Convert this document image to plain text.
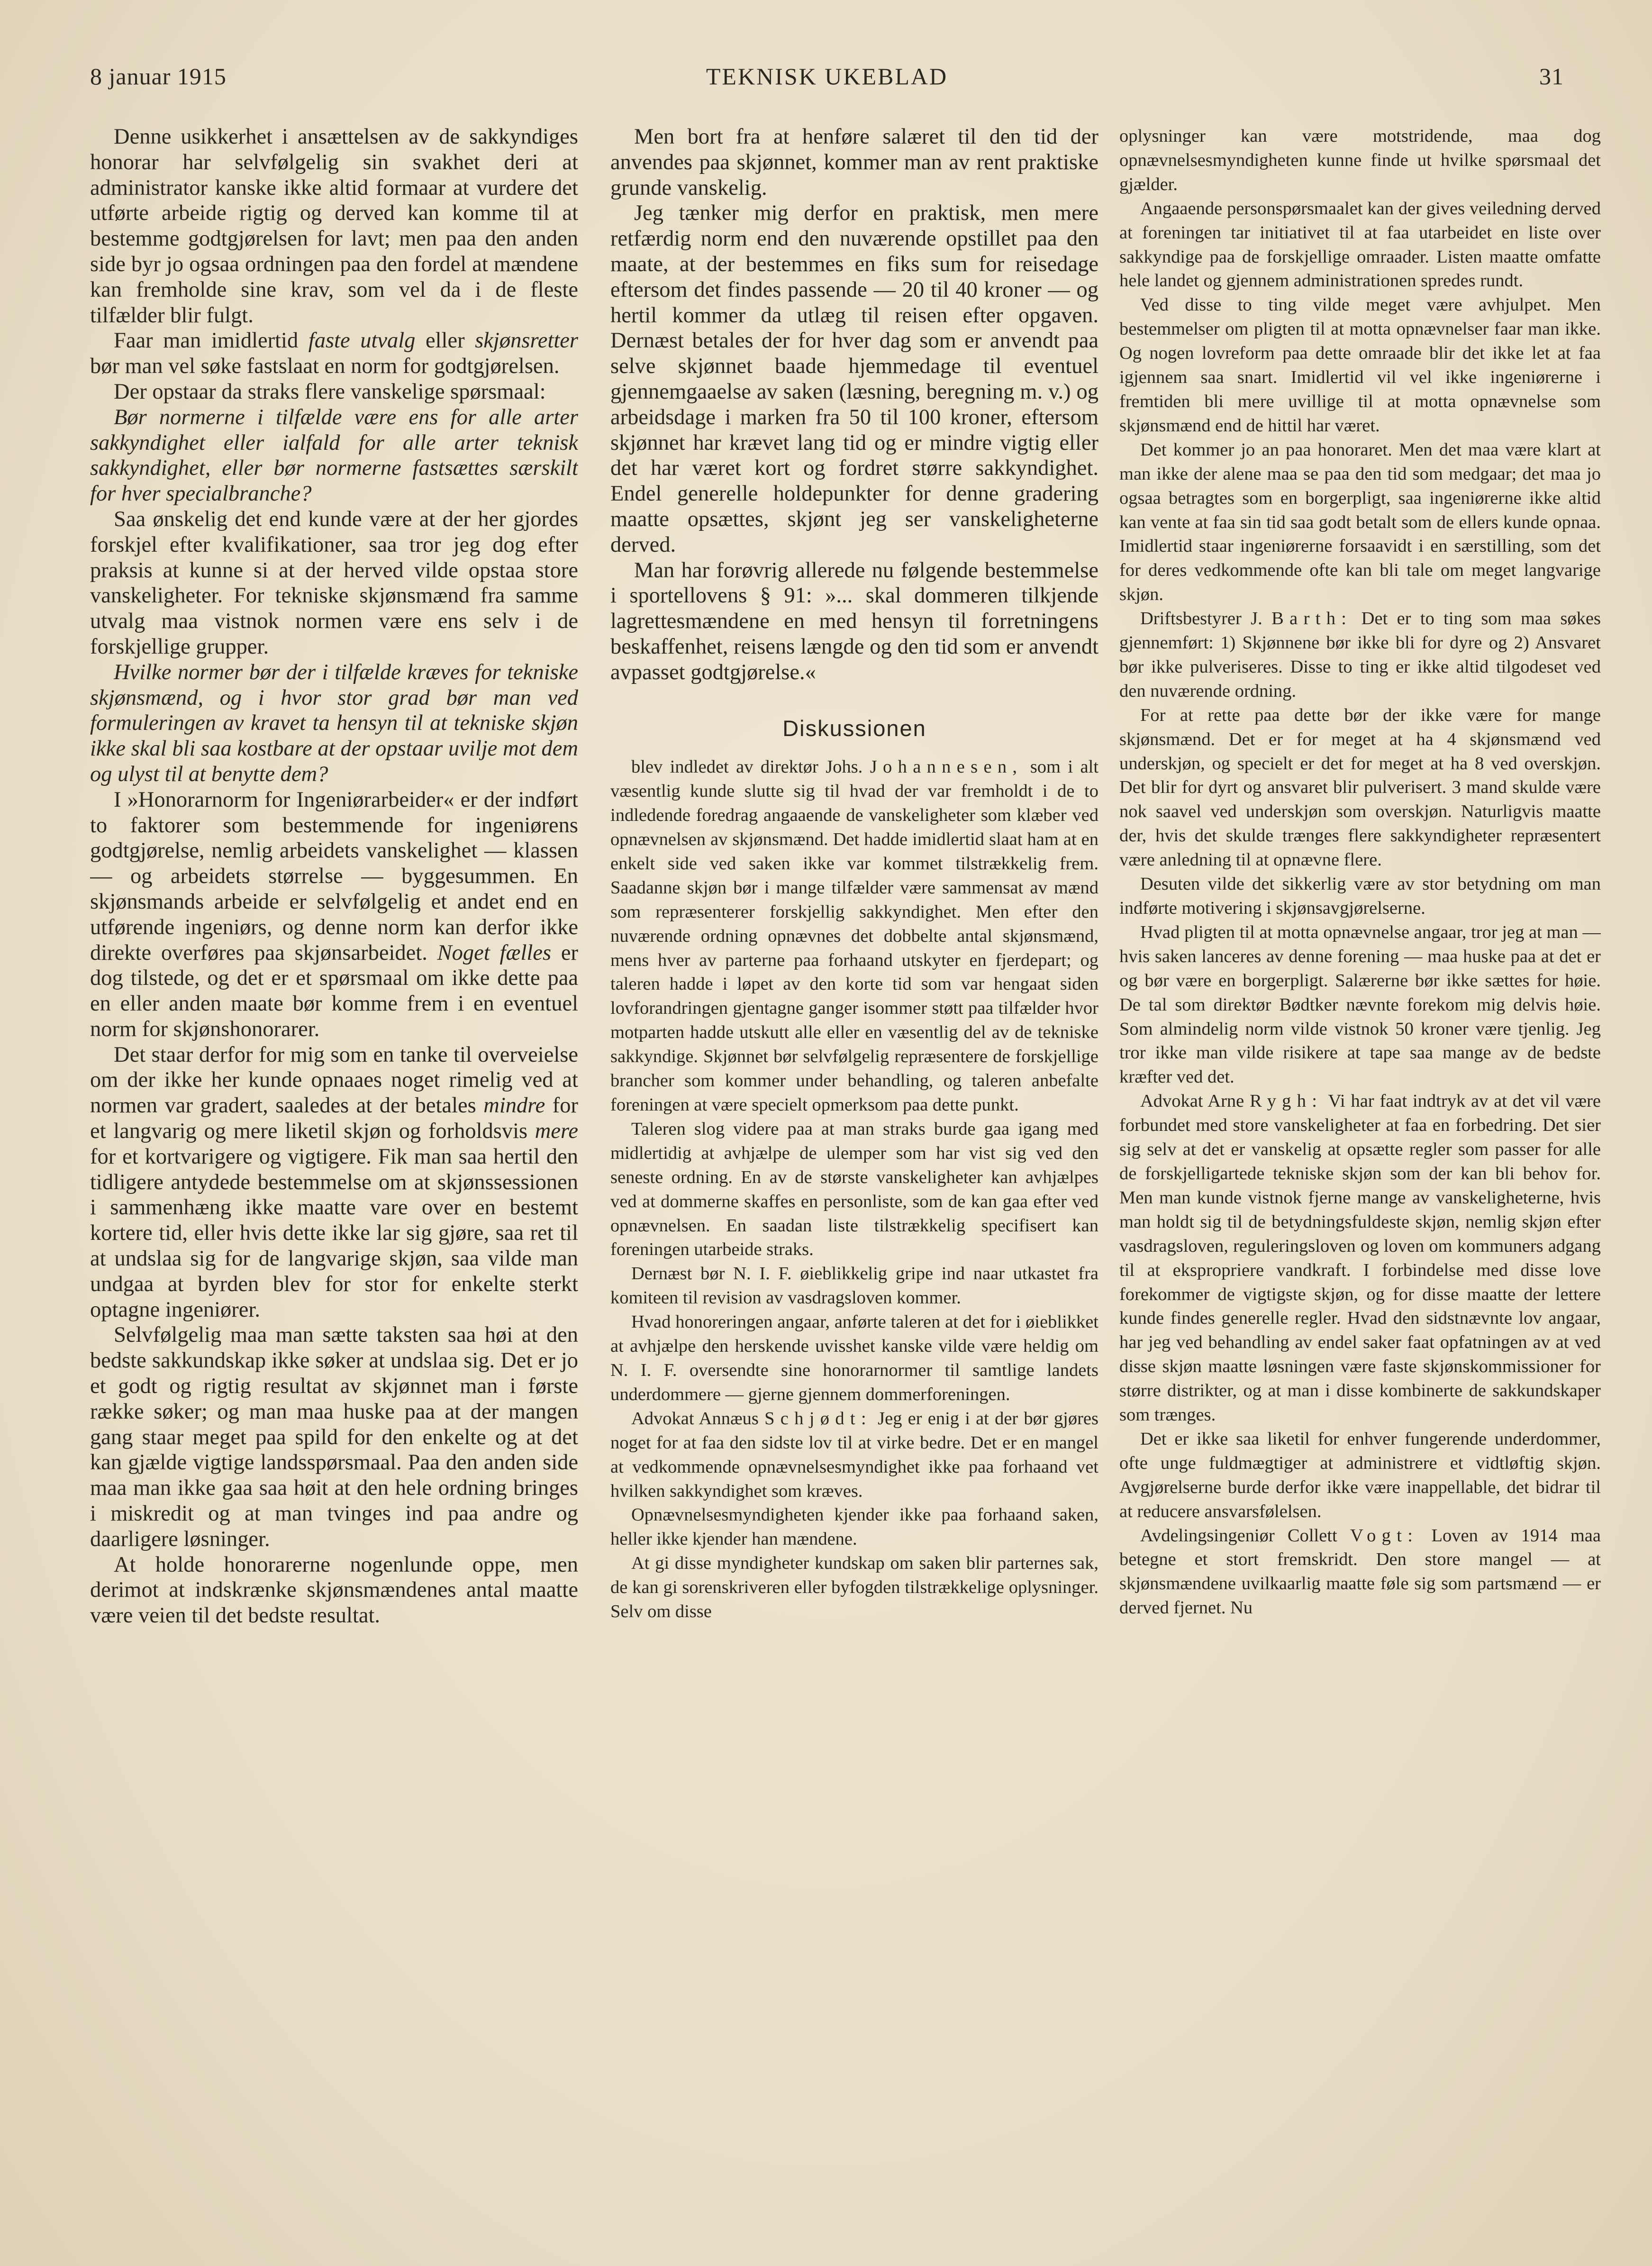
8 januar 1915	TEKNISK UKEBLAD	31

Denne usikkerhet i ansættelsen av de sakkyndiges honorar har selvfølgelig sin svakhet deri at administrator kanske ikke altid formaar at vurdere det utførte arbeide rigtig og derved kan komme til at bestemme godtgjørelsen for lavt; men paa den anden side byr jo ogsaa ordningen paa den fordel at mændene kan fremholde sine krav, som vel da i de fleste tilfælder blir fulgt.

Faar man imidlertid faste utvalg eller skjønsretter bør man vel søke fastslaat en norm for godtgjørelsen.

Der opstaar da straks flere vanskelige spørsmaal:

Bør normerne i tilfælde være ens for alle arter sakkyndighet eller ialfald for alle arter teknisk sakkyndighet, eller bør normerne fastsættes særskilt for hver specialbranche?

Saa ønskelig det end kunde være at der her gjordes forskjel efter kvalifikationer, saa tror jeg dog efter praksis at kunne si at der herved vilde opstaa store vanskeligheter. For tekniske skjønsmænd fra samme utvalg maa vistnok normen være ens selv i de forskjellige grupper.

Hvilke normer bør der i tilfælde kræves for tekniske skjønsmænd, og i hvor stor grad bør man ved formuleringen av kravet ta hensyn til at tekniske skjøn ikke skal bli saa kostbare at der opstaar uvilje mot dem og ulyst til at benytte dem?

I »Honorarnorm for Ingeniørarbeider« er der indført to faktorer som bestemmende for ingeniørens godtgjørelse, nemlig arbeidets vanskelighet — klassen — og arbeidets størrelse — byggesummen. En skjønsmands arbeide er selvfølgelig et andet end en utførende ingeniørs, og denne norm kan derfor ikke direkte overføres paa skjønsarbeidet. Noget fælles er dog tilstede, og det er et spørsmaal om ikke dette paa en eller anden maate bør komme frem i en eventuel norm for skjønshonorarer.

Det staar derfor for mig som en tanke til overveielse om der ikke her kunde opnaaes noget rimelig ved at normen var gradert, saaledes at der betales mindre for et langvarig og mere liketil skjøn og forholdsvis mere for et kortvarigere og vigtigere. Fik man saa hertil den tidligere antydede bestemmelse om at skjønssessionen i sammenhæng ikke maatte vare over en bestemt kortere tid, eller hvis dette ikke lar sig gjøre, saa ret til at undslaa sig for de langvarige skjøn, saa vilde man undgaa at byrden blev for stor for enkelte sterkt optagne ingeniører.

Selvfølgelig maa man sætte taksten saa høi at den bedste sakkundskap ikke søker at undslaa sig. Det er jo et godt og rigtig resultat av skjønnet man i første række søker; og man maa huske paa at der mangen gang staar meget paa spild for den enkelte og at det kan gjælde vigtige landsspørsmaal. Paa den anden side maa man ikke gaa saa høit at den hele ordning bringes i miskredit og at man tvinges ind paa andre og daarligere løsninger.

At holde honorarerne nogenlunde oppe, men derimot at indskrænke skjønsmændenes antal maatte være veien til det bedste resultat.

Men bort fra at henføre salæret til den tid der anvendes paa skjønnet, kommer man av rent praktiske grunde vanskelig.

Jeg tænker mig derfor en praktisk, men mere retfærdig norm end den nuværende opstillet paa den maate, at der bestemmes en fiks sum for reisedage eftersom det findes passende — 20 til 40 kroner — og hertil kommer da utlæg til reisen efter opgaven. Dernæst betales der for hver dag som er anvendt paa selve skjønnet baade hjemmedage til eventuel gjennemgaaelse av saken (læsning, beregning m. v.) og arbeidsdage i marken fra 50 til 100 kroner, eftersom skjønnet har krævet lang tid og er mindre vigtig eller det har været kort og fordret større sakkyndighet. Endel generelle holdepunkter for denne gradering maatte opsættes, skjønt jeg ser vanskeligheterne derved.

Man har forøvrig allerede nu følgende bestemmelse i sportellovens § 91: »... skal dommeren tilkjende lagrettesmændene en med hensyn til forretningens beskaffenhet, reisens længde og den tid som er anvendt avpasset godtgjørelse.«

Diskussionen

blev indledet av direktør Johs. Johannesen, som i alt væsentlig kunde slutte sig til hvad der var fremholdt i de to indledende foredrag angaaende de vanskeligheter som klæber ved opnævnelsen av skjønsmænd. Det hadde imidlertid slaat ham at en enkelt side ved saken ikke var kommet tilstrækkelig frem. Saadanne skjøn bør i mange tilfælder være sammensat av mænd som repræsenterer forskjellig sakkyndighet. Men efter den nuværende ordning opnævnes det dobbelte antal skjønsmænd, mens hver av parterne paa forhaand utskyter en fjerdepart; og taleren hadde i løpet av den korte tid som var hengaat siden lovforandringen gjentagne ganger isommer støtt paa tilfælder hvor motparten hadde utskutt alle eller en væsentlig del av de tekniske sakkyndige. Skjønnet bør selvfølgelig repræsentere de forskjellige brancher som kommer under behandling, og taleren anbefalte foreningen at være specielt opmerksom paa dette punkt.

Taleren slog videre paa at man straks burde gaa igang med midlertidig at avhjælpe de ulemper som har vist sig ved den seneste ordning. En av de største vanskeligheter kan avhjælpes ved at dommerne skaffes en personliste, som de kan gaa efter ved opnævnelsen. En saadan liste tilstrækkelig specifisert kan foreningen utarbeide straks.

Dernæst bør N. I. F. øieblikkelig gripe ind naar utkastet fra komiteen til revision av vasdragsloven kommer.

Hvad honoreringen angaar, anførte taleren at det for i øieblikket at avhjælpe den herskende uvisshet kanske vilde være heldig om N. I. F. oversendte sine honorarnormer til samtlige landets underdommere — gjerne gjennem dommerforeningen.

Advokat Annæus Schjødt: Jeg er enig i at der bør gjøres noget for at faa den sidste lov til at virke bedre. Det er en mangel at vedkommende opnævnelsesmyndighet ikke paa forhaand vet hvilken sakkyndighet som kræves.

Opnævnelsesmyndigheten kjender ikke paa forhaand saken, heller ikke kjender han mændene.

At gi disse myndigheter kundskap om saken blir parternes sak, de kan gi sorenskriveren eller byfogden tilstrækkelige oplysninger. Selv om disse

oplysninger kan være motstridende, maa dog opnævnelsesmyndigheten kunne finde ut hvilke spørsmaal det gjælder.

Angaaende personspørsmaalet kan der gives veiledning derved at foreningen tar initiativet til at faa utarbeidet en liste over sakkyndige paa de forskjellige omraader. Listen maatte omfatte hele landet og gjennem administrationen spredes rundt.

Ved disse to ting vilde meget være avhjulpet. Men bestemmelser om pligten til at motta opnævnelser faar man ikke. Og nogen lovreform paa dette omraade blir det ikke let at faa igjennem saa snart. Imidlertid vil vel ikke ingeniørerne i fremtiden bli mere uvillige til at motta opnævnelse som skjønsmænd end de hittil har været.

Det kommer jo an paa honoraret. Men det maa være klart at man ikke der alene maa se paa den tid som medgaar; det maa jo ogsaa betragtes som en borgerpligt, saa ingeniørerne ikke altid kan vente at faa sin tid saa godt betalt som de ellers kunde opnaa. Imidlertid staar ingeniørerne forsaavidt i en særstilling, som det for deres vedkommende ofte kan bli tale om meget langvarige skjøn.

Driftsbestyrer J. Barth: Det er to ting som maa søkes gjennemført: 1) Skjønnene bør ikke bli for dyre og 2) Ansvaret bør ikke pulveriseres. Disse to ting er ikke altid tilgodeset ved den nuværende ordning.

For at rette paa dette bør der ikke være for mange skjønsmænd. Det er for meget at ha 4 skjønsmænd ved underskjøn, og specielt er det for meget at ha 8 ved overskjøn. Det blir for dyrt og ansvaret blir pulverisert. 3 mand skulde være nok saavel ved underskjøn som overskjøn. Naturligvis maatte der, hvis det skulde trænges flere sakkyndigheter repræsentert være anledning til at opnævne flere.

Desuten vilde det sikkerlig være av stor betydning om man indførte motivering i skjønsavgjørelserne.

Hvad pligten til at motta opnævnelse angaar, tror jeg at man — hvis saken lanceres av denne forening — maa huske paa at det er og bør være en borgerpligt. Salærerne bør ikke sættes for høie. De tal som direktør Bødtker nævnte forekom mig delvis høie. Som almindelig norm vilde vistnok 50 kroner være tjenlig. Jeg tror ikke man vilde risikere at tape saa mange av de bedste kræfter ved det.

Advokat Arne Rygh: Vi har faat indtryk av at det vil være forbundet med store vanskeligheter at faa en forbedring. Det sier sig selv at det er vanskelig at opsætte regler som passer for alle de forskjelligartede tekniske skjøn som der kan bli behov for. Men man kunde vistnok fjerne mange av vanskeligheterne, hvis man holdt sig til de betydningsfuldeste skjøn, nemlig skjøn efter vasdragsloven, reguleringsloven og loven om kommuners adgang til at ekspropriere vandkraft. I forbindelse med disse love forekommer de vigtigste skjøn, og for disse maatte der lettere kunde findes generelle regler. Hvad den sidstnævnte lov angaar, har jeg ved behandling av endel saker faat opfatningen av at ved disse skjøn maatte løsningen være faste skjønskommissioner for større distrikter, og at man i disse kombinerte de sakkundskaper som trænges.

Det er ikke saa liketil for enhver fungerende underdommer, ofte unge fuldmægtiger at administrere et vidtløftig skjøn. Avgjørelserne burde derfor ikke være inappellable, det bidrar til at reducere ansvarsfølelsen.

Avdelingsingeniør Collett Vogt: Loven av 1914 maa betegne et stort fremskridt. Den store mangel — at skjønsmændene uvilkaarlig maatte føle sig som partsmænd — er derved fjernet. Nu
